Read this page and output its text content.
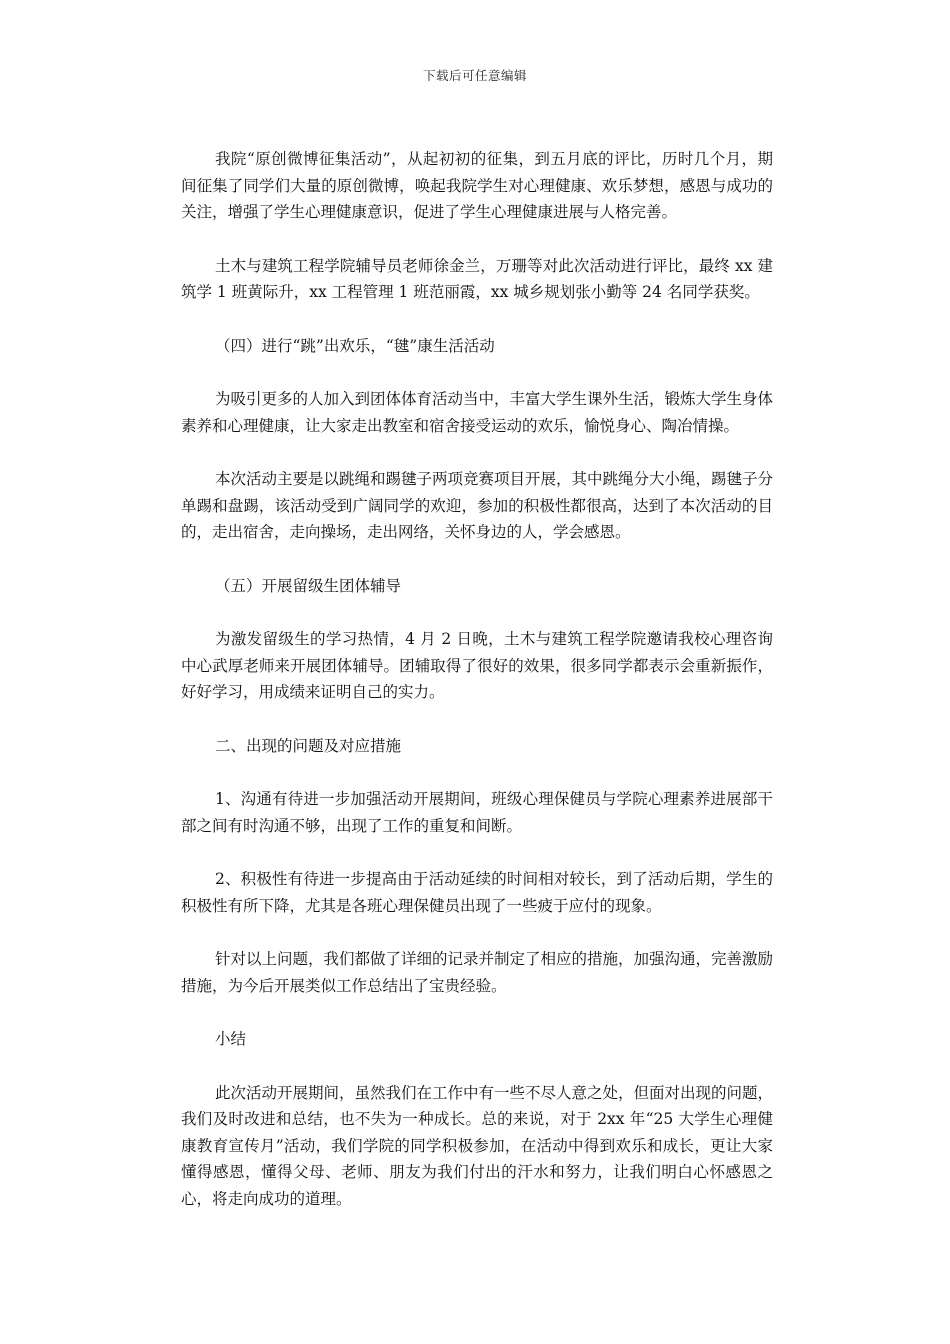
下载后可任意编辑

我院“原创微博征集活动”，从起初初的征集，到五月底的评比，历时几个月，期间征集了同学们大量的原创微博，唤起我院学生对心理健康、欢乐梦想，感恩与成功的关注，增强了学生心理健康意识，促进了学生心理健康进展与人格完善。

土木与建筑工程学院辅导员老师徐金兰，万珊等对此次活动进行评比，最终 xx 建筑学 1 班黄际升，xx 工程管理 1 班范丽霞，xx 城乡规划张小勤等 24 名同学获奖。

（四）进行“跳”出欢乐，“毽”康生活活动

为吸引更多的人加入到团体体育活动当中，丰富大学生课外生活，锻炼大学生身体素养和心理健康，让大家走出教室和宿舍接受运动的欢乐，愉悦身心、陶冶情操。

本次活动主要是以跳绳和踢毽子两项竞赛项目开展，其中跳绳分大小绳，踢毽子分单踢和盘踢，该活动受到广阔同学的欢迎，参加的积极性都很高，达到了本次活动的目的，走出宿舍，走向操场，走出网络，关怀身边的人，学会感恩。

（五）开展留级生团体辅导

为激发留级生的学习热情，4 月 2 日晚，土木与建筑工程学院邀请我校心理咨询中心武厚老师来开展团体辅导。团辅取得了很好的效果，很多同学都表示会重新振作，好好学习，用成绩来证明自己的实力。

二、出现的问题及对应措施

1、沟通有待进一步加强活动开展期间，班级心理保健员与学院心理素养进展部干部之间有时沟通不够，出现了工作的重复和间断。

2、积极性有待进一步提高由于活动延续的时间相对较长，到了活动后期，学生的积极性有所下降，尤其是各班心理保健员出现了一些疲于应付的现象。

针对以上问题，我们都做了详细的记录并制定了相应的措施，加强沟通，完善激励措施，为今后开展类似工作总结出了宝贵经验。

小结

此次活动开展期间，虽然我们在工作中有一些不尽人意之处，但面对出现的问题，我们及时改进和总结，也不失为一种成长。总的来说，对于 2xx 年“25 大学生心理健康教育宣传月”活动，我们学院的同学积极参加，在活动中得到欢乐和成长，更让大家懂得感恩，懂得父母、老师、朋友为我们付出的汗水和努力，让我们明白心怀感恩之心，将走向成功的道理。
